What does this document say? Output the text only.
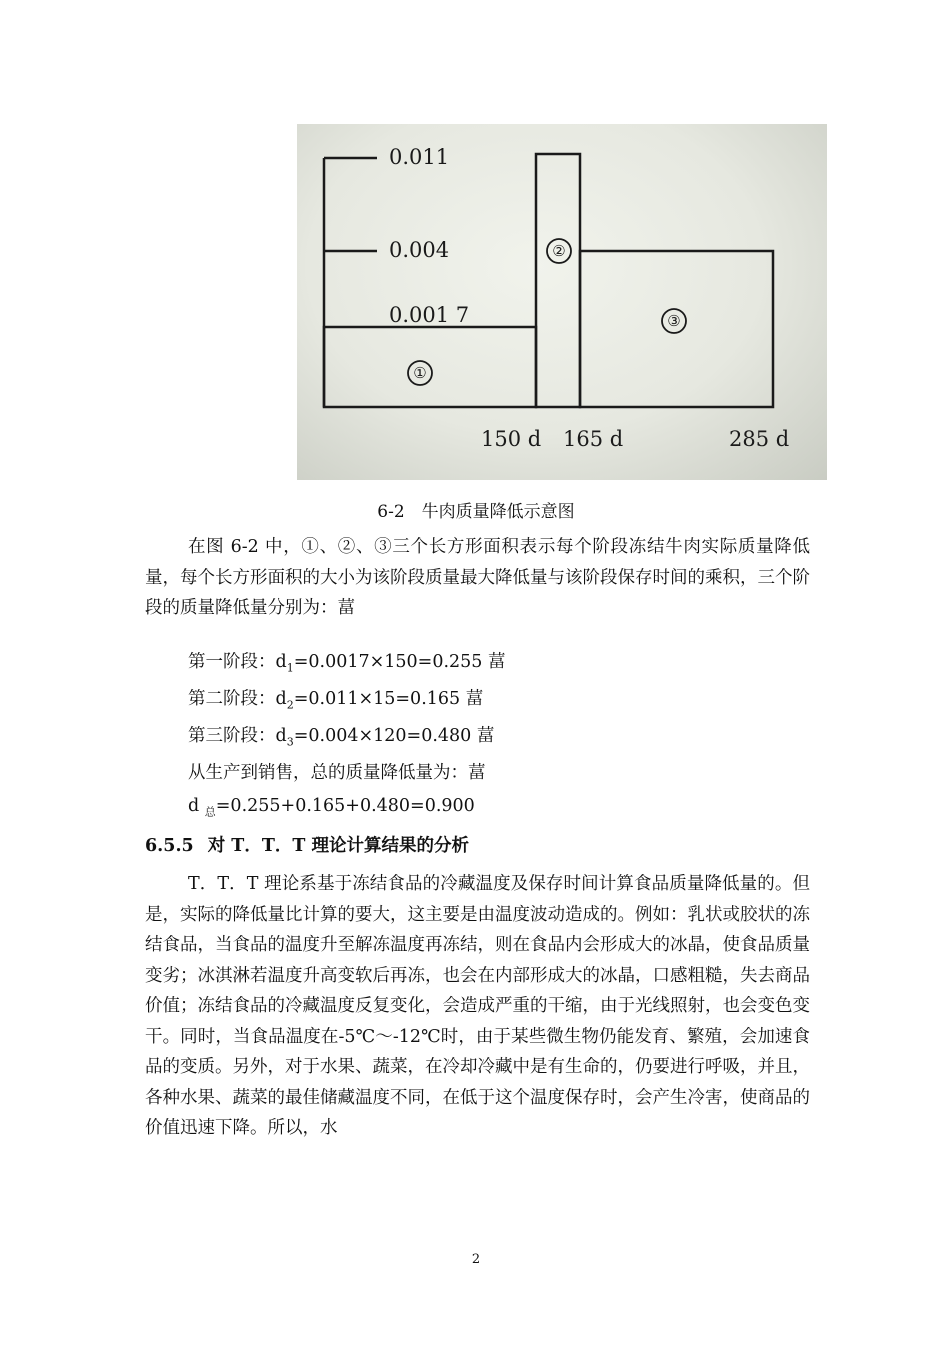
0.011
0.004
0.001 7
150 d 165 d	285 d
①
②
③
6-2　牛肉质量降低示意图
在图 6-2 中，①、②、③三个长方形面积表示每个阶段冻结牛肉实际质量降低量，每个长方形面积的大小为该阶段质量最大降低量与该阶段保存时间的乘积，三个阶段的质量降低量分别为：葍
第一阶段：$d_1=0.0017\times 150=0.255$ 葍
第二阶段：$d_2=0.011\times 15=0.165$ 葍
第三阶段：$d_3=0.004\times 120=0.480$ 葍
从生产到销售，总的质量降低量为：葍
d $_总$=0.255+0.165+0.480=0.900
6.5.5 对 T．T．T 理论计算结果的分析
T．T．T 理论系基于冻结食品的冷藏温度及保存时间计算食品质量降低量的。但是，实际的降低量比计算的要大，这主要是由温度波动造成的。例如：乳状或胶状的冻结食品，当食品的温度升至解冻温度再冻结，则在食品内会形成大的冰晶，使食品质量变劣；冰淇淋若温度升高变软后再冻，也会在内部形成大的冰晶，口感粗糙，失去商品价值；冻结食品的冷藏温度反复变化，会造成严重的干缩，由于光线照射，也会变色变干。同时，当食品温度在-5℃～-12℃时，由于某些微生物仍能发育、繁殖，会加速食品的变质。另外，对于水果、蔬菜，在冷却冷藏中是有生命的，仍要进行呼吸，并且，各种水果、蔬菜的最佳储藏温度不同，在低于这个温度保存时，会产生冷害，使商品的价值迅速下降。所以，水
2
